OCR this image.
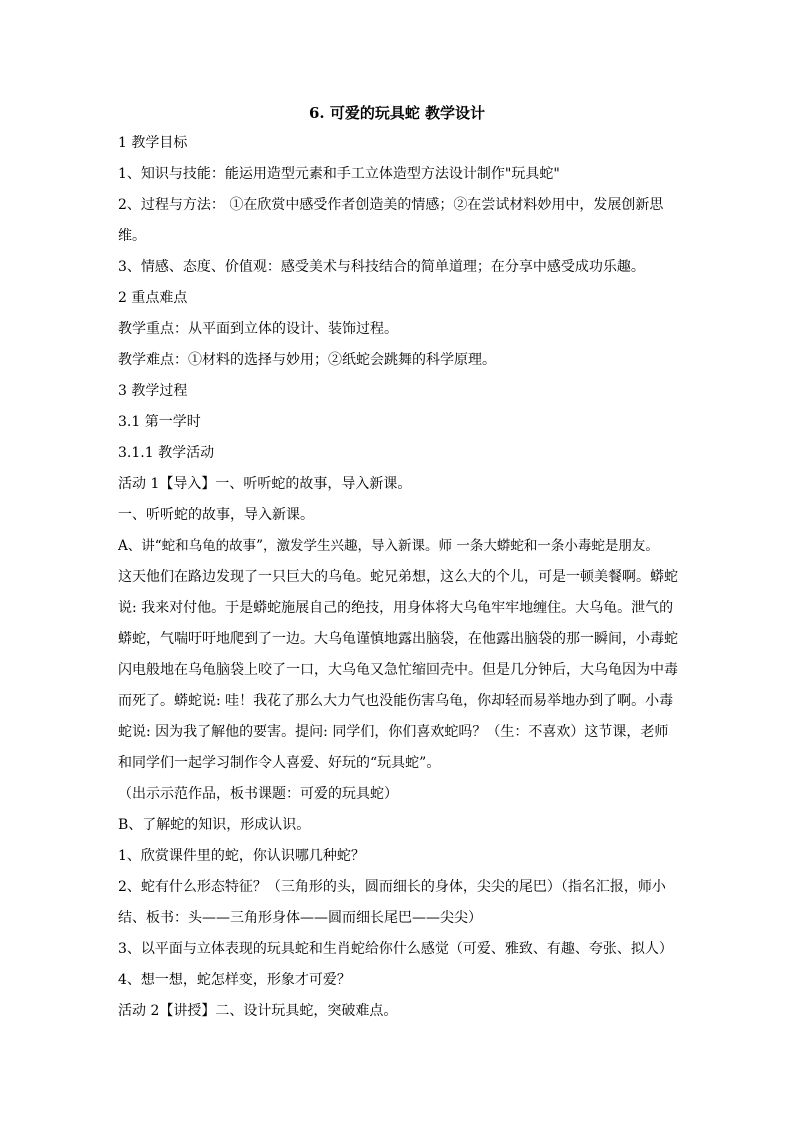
6. 可爱的玩具蛇 教学设计

1 教学目标

1、知识与技能：能运用造型元素和手工立体造型方法设计制作"玩具蛇"

2、过程与方法： ①在欣赏中感受作者创造美的情感；②在尝试材料妙用中，发展创新思

维。

3、情感、态度、价值观：感受美术与科技结合的简单道理；在分享中感受成功乐趣。

2 重点难点

教学重点：从平面到立体的设计、装饰过程。

教学难点：①材料的选择与妙用；②纸蛇会跳舞的科学原理。

3 教学过程

3.1 第一学时

3.1.1 教学活动

活动 1【导入】一、听听蛇的故事，导入新课。

一、听听蛇的故事，导入新课。

A、讲“蛇和乌龟的故事”，激发学生兴趣，导入新课。师 一条大蟒蛇和一条小毒蛇是朋友。

这天他们在路边发现了一只巨大的乌龟。蛇兄弟想，这么大的个儿，可是一顿美餐啊。蟒蛇

说: 我来对付他。于是蟒蛇施展自己的绝技，用身体将大乌龟牢牢地缠住。大乌龟。泄气的

蟒蛇，气喘吁吁地爬到了一边。大乌龟谨慎地露出脑袋，在他露出脑袋的那一瞬间，小毒蛇

闪电般地在乌龟脑袋上咬了一口，大乌龟又急忙缩回壳中。但是几分钟后，大乌龟因为中毒

而死了。蟒蛇说: 哇！我花了那么大力气也没能伤害乌龟，你却轻而易举地办到了啊。小毒

蛇说: 因为我了解他的要害。提问: 同学们，你们喜欢蛇吗？（生：不喜欢）这节课，老师

和同学们一起学习制作令人喜爱、好玩的“玩具蛇”。

（出示示范作品，板书课题：可爱的玩具蛇）

B、了解蛇的知识，形成认识。

1、欣赏课件里的蛇，你认识哪几种蛇？

2、蛇有什么形态特征？（三角形的头，圆而细长的身体，尖尖的尾巴）（指名汇报，师小

结、板书：头——三角形身体——圆而细长尾巴——尖尖）

3、以平面与立体表现的玩具蛇和生肖蛇给你什么感觉（可爱、雅致、有趣、夸张、拟人）

4、想一想，蛇怎样变，形象才可爱？

活动 2【讲授】二、设计玩具蛇，突破难点。
